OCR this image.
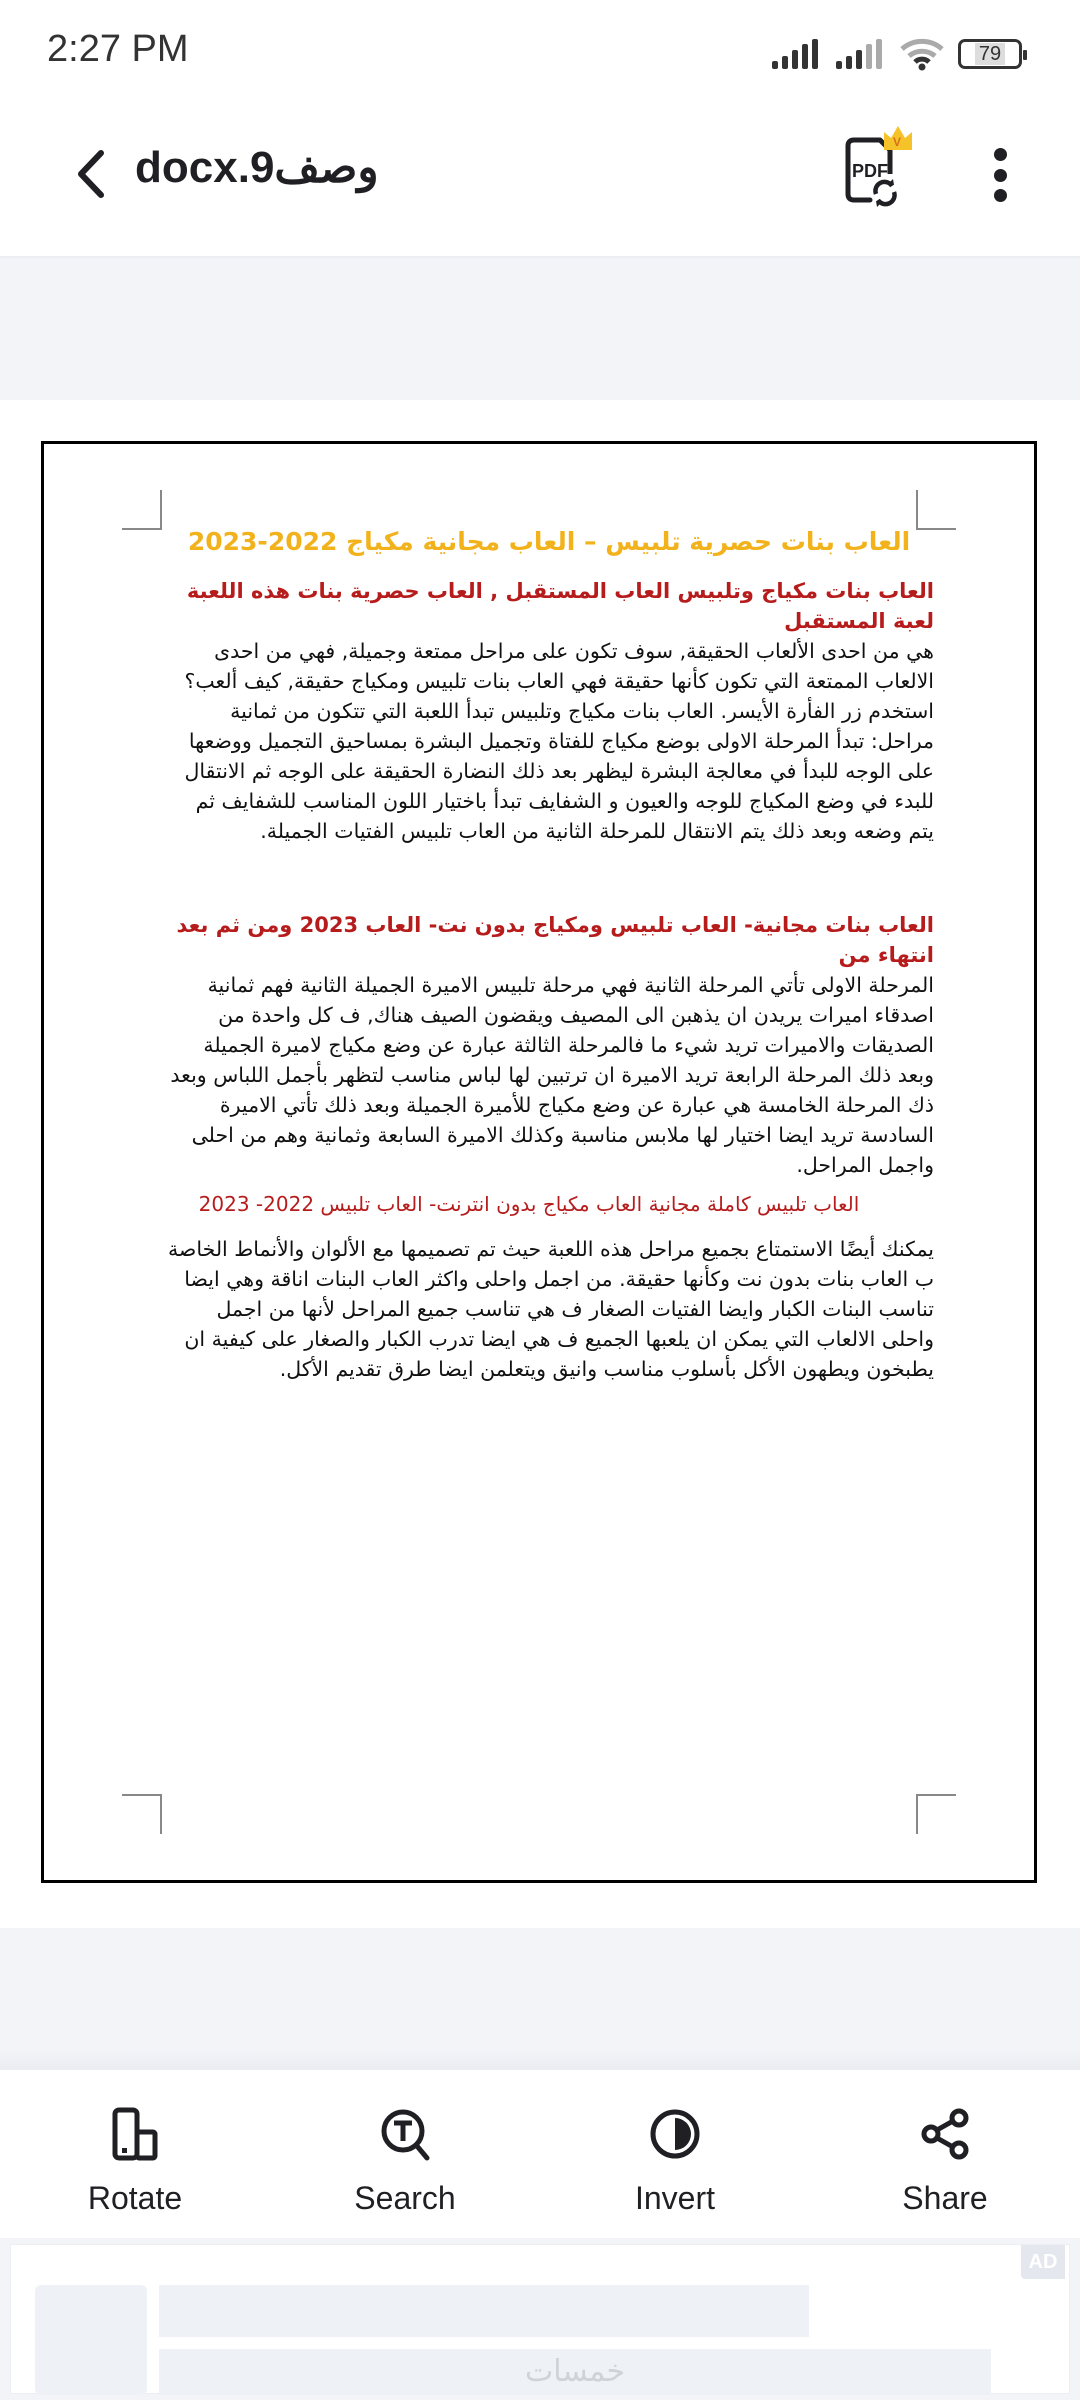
2:27 PM	79
وصف9.docx	PDF
V
العاب بنات حصرية تلبيس – العاب مجانية مكياج 2022-2023
العاب بنات مكياج وتلبيس العاب المستقبل , العاب حصرية بنات هذه اللعبة لعبة المستقبل
هي من احدى الألعاب الحقيقة, سوف تكون على مراحل ممتعة وجميلة, فهي من احدى الالعاب الممتعة التي تكون كأنها حقيقة فهي العاب بنات تلبيس ومكياج حقيقة, كيف ألعب؟ استخدم زر الفأرة الأيسر. العاب بنات مكياج وتلبيس تبدأ اللعبة التي تتكون من ثمانية مراحل: تبدأ المرحلة الاولى بوضع مكياج للفتاة وتجميل البشرة بمساحيق التجميل ووضعها على الوجه للبدأ في معالجة البشرة ليظهر بعد ذلك النضارة الحقيقة على الوجه ثم الانتقال للبدء في وضع المكياج للوجه والعيون و الشفايف تبدأ باختيار اللون المناسب للشفايف ثم يتم وضعه وبعد ذلك يتم الانتقال للمرحلة الثانية من العاب تلبيس الفتيات الجميلة.
العاب بنات مجانية- العاب تلبيس ومكياج بدون نت- العاب 2023 ومن ثم بعد انتهاء من
المرحلة الاولى تأتي المرحلة الثانية فهي مرحلة تلبيس الاميرة الجميلة الثانية فهم ثمانية اصدقاء اميرات يريدن ان يذهبن الى المصيف ويقضون الصيف هناك, ف كل واحدة من الصديقات والاميرات تريد شيء ما فالمرحلة الثالثة عبارة عن وضع مكياج لاميرة الجميلة وبعد ذلك المرحلة الرابعة تريد الاميرة ان ترتبين لها لباس مناسب لتظهر بأجمل اللباس وبعد ذك المرحلة الخامسة هي عبارة عن وضع مكياج للأميرة الجميلة وبعد ذلك تأتي الاميرة السادسة تريد ايضا اختيار لها ملابس مناسبة وكذلك الاميرة السابعة وثمانية وهم من احلى واجمل المراحل.
العاب تلبيس كاملة مجانية العاب مكياج بدون انترنت- العاب تلبيس 2022- 2023
يمكنك أيضًا الاستمتاع بجميع مراحل هذه اللعبة حيث تم تصميمها مع الألوان والأنماط الخاصة ب العاب بنات بدون نت وكأنها حقيقة. من اجمل واحلى واكثر العاب البنات اناقة وهي ايضا تناسب البنات الكبار وايضا الفتيات الصغار ف هي تناسب جميع المراحل لأنها من اجمل واحلى الالعاب التي يمكن ان يلعبها الجميع ف هي ايضا تدرب الكبار والصغار على كيفية ان يطبخون ويطهون الأكل بأسلوب مناسب وانيق ويتعلمن ايضا طرق تقديم الأكل.
Rotate	Search	Invert	Share
خمسات
AD
